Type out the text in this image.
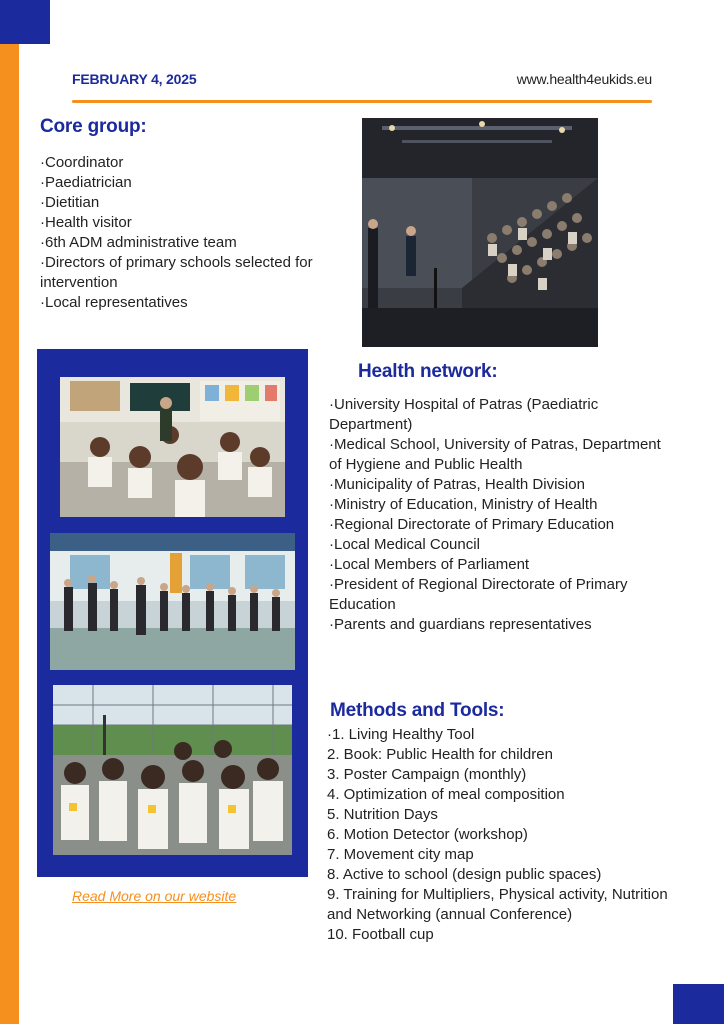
FEBRUARY 4, 2025	www.health4eukids.eu
Core group:
·Coordinator
·Paediatrician
·Dietitian
·Health visitor
·6th ADM administrative team
·Directors of primary schools selected for intervention
·Local representatives
Health network:
·University Hospital of Patras (Paediatric Department)
·Medical School, University of Patras, Department of Hygiene and Public Health
·Municipality of Patras, Health Division
·Ministry of Education, Ministry of Health
·Regional Directorate of Primary Education
·Local Medical Council
·Local Members of Parliament
·President of Regional Directorate of Primary Education
·Parents and guardians representatives
Methods and Tools:
·1. Living Healthy Tool
2. Book: Public Health for children
3. Poster Campaign (monthly)
4. Optimization of meal composition
5. Nutrition Days
6. Motion Detector (workshop)
7. Movement city map
8. Active to school (design public spaces)
9. Training for Multipliers, Physical activity, Nutrition and Networking (annual Conference)
10. Football cup
Read More on our website
